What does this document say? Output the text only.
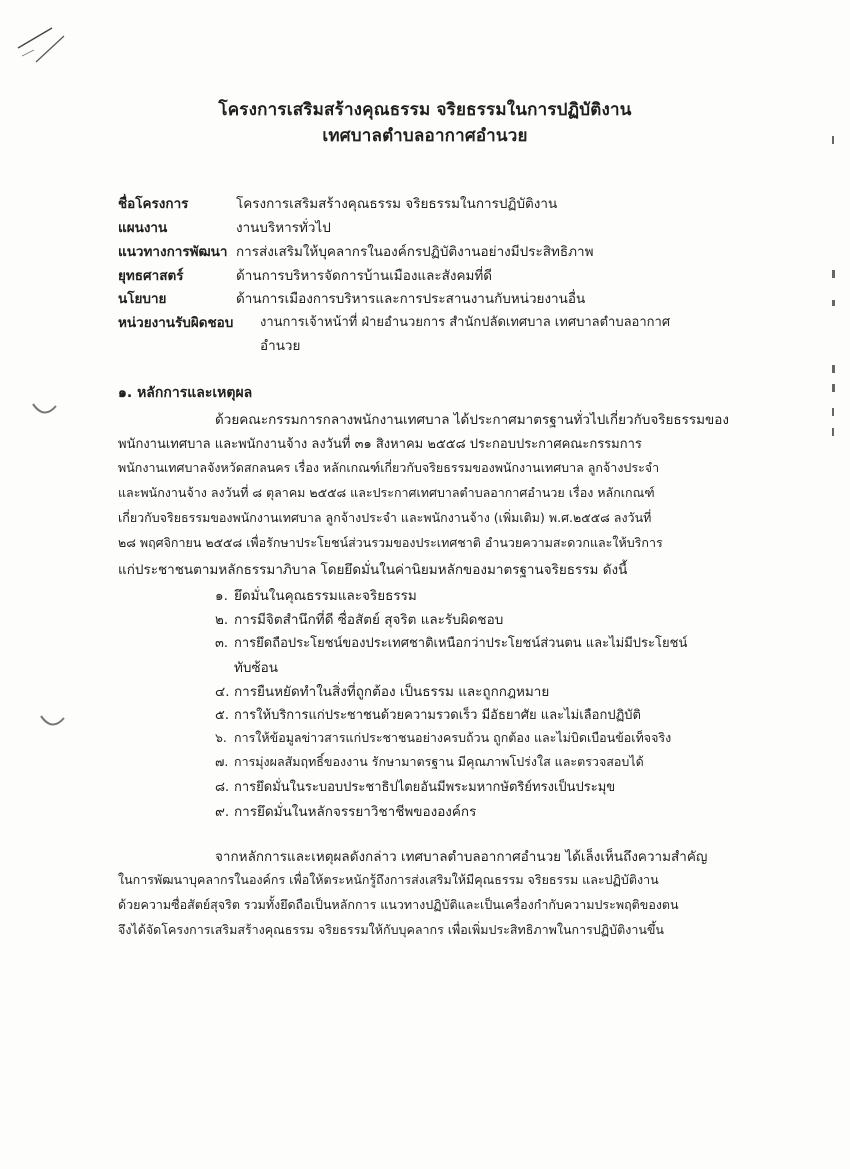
โครงการเสริมสร้างคุณธรรม จริยธรรมในการปฏิบัติงาน
เทศบาลตำบลอากาศอำนวย
ชื่อโครงการ	โครงการเสริมสร้างคุณธรรม จริยธรรมในการปฏิบัติงาน
แผนงาน	งานบริหารทั่วไป
แนวทางการพัฒนา การส่งเสริมให้บุคลากรในองค์กรปฏิบัติงานอย่างมีประสิทธิภาพ
ยุทธศาสตร์	ด้านการบริหารจัดการบ้านเมืองและสังคมที่ดี
นโยบาย	ด้านการเมืองการบริหารและการประสานงานกับหน่วยงานอื่น
หน่วยงานรับผิดชอบ งานการเจ้าหน้าที่ ฝ่ายอำนวยการ สำนักปลัดเทศบาล เทศบาลตำบลอากาศ
อำนวย
๑. หลักการและเหตุผล
ด้วยคณะกรรมการกลางพนักงานเทศบาล ได้ประกาศมาตรฐานทั่วไปเกี่ยวกับจริยธรรมของ
พนักงานเทศบาล และพนักงานจ้าง ลงวันที่ ๓๑ สิงหาคม ๒๕๕๘ ประกอบประกาศคณะกรรมการ
พนักงานเทศบาลจังหวัดสกลนคร เรื่อง หลักเกณฑ์เกี่ยวกับจริยธรรมของพนักงานเทศบาล ลูกจ้างประจำ
และพนักงานจ้าง ลงวันที่ ๘ ตุลาคม ๒๕๕๘ และประกาศเทศบาลตำบลอากาศอำนวย เรื่อง หลักเกณฑ์
เกี่ยวกับจริยธรรมของพนักงานเทศบาล ลูกจ้างประจำ และพนักงานจ้าง (เพิ่มเติม) พ.ศ.๒๕๕๘ ลงวันที่
๒๘ พฤศจิกายน ๒๕๕๘ เพื่อรักษาประโยชน์ส่วนรวมของประเทศชาติ อำนวยความสะดวกและให้บริการ
แก่ประชาชนตามหลักธรรมาภิบาล โดยยึดมั่นในค่านิยมหลักของมาตรฐานจริยธรรม ดังนี้
๑. ยึดมั่นในคุณธรรมและจริยธรรม
๒. การมีจิตสำนึกที่ดี ซื่อสัตย์ สุจริต และรับผิดชอบ
๓. การยึดถือประโยชน์ของประเทศชาติเหนือกว่าประโยชน์ส่วนตน และไม่มีประโยชน์
ทับซ้อน
๔. การยืนหยัดทำในสิ่งที่ถูกต้อง เป็นธรรม และถูกกฎหมาย
๕. การให้บริการแก่ประชาชนด้วยความรวดเร็ว มีอัธยาศัย และไม่เลือกปฏิบัติ
๖. การให้ข้อมูลข่าวสารแก่ประชาชนอย่างครบถ้วน ถูกต้อง และไม่บิดเบือนข้อเท็จจริง
๗. การมุ่งผลสัมฤทธิ์ของงาน รักษามาตรฐาน มีคุณภาพโปร่งใส และตรวจสอบได้
๘. การยึดมั่นในระบอบประชาธิปไตยอันมีพระมหากษัตริย์ทรงเป็นประมุข
๙. การยึดมั่นในหลักจรรยาวิชาชีพขององค์กร
จากหลักการและเหตุผลดังกล่าว เทศบาลตำบลอากาศอำนวย ได้เล็งเห็นถึงความสำคัญ
ในการพัฒนาบุคลากรในองค์กร เพื่อให้ตระหนักรู้ถึงการส่งเสริมให้มีคุณธรรม จริยธรรม และปฏิบัติงาน
ด้วยความซื่อสัตย์สุจริต รวมทั้งยึดถือเป็นหลักการ แนวทางปฏิบัติและเป็นเครื่องกำกับความประพฤติของตน
จึงได้จัดโครงการเสริมสร้างคุณธรรม จริยธรรมให้กับบุคลากร เพื่อเพิ่มประสิทธิภาพในการปฏิบัติงานขึ้น
